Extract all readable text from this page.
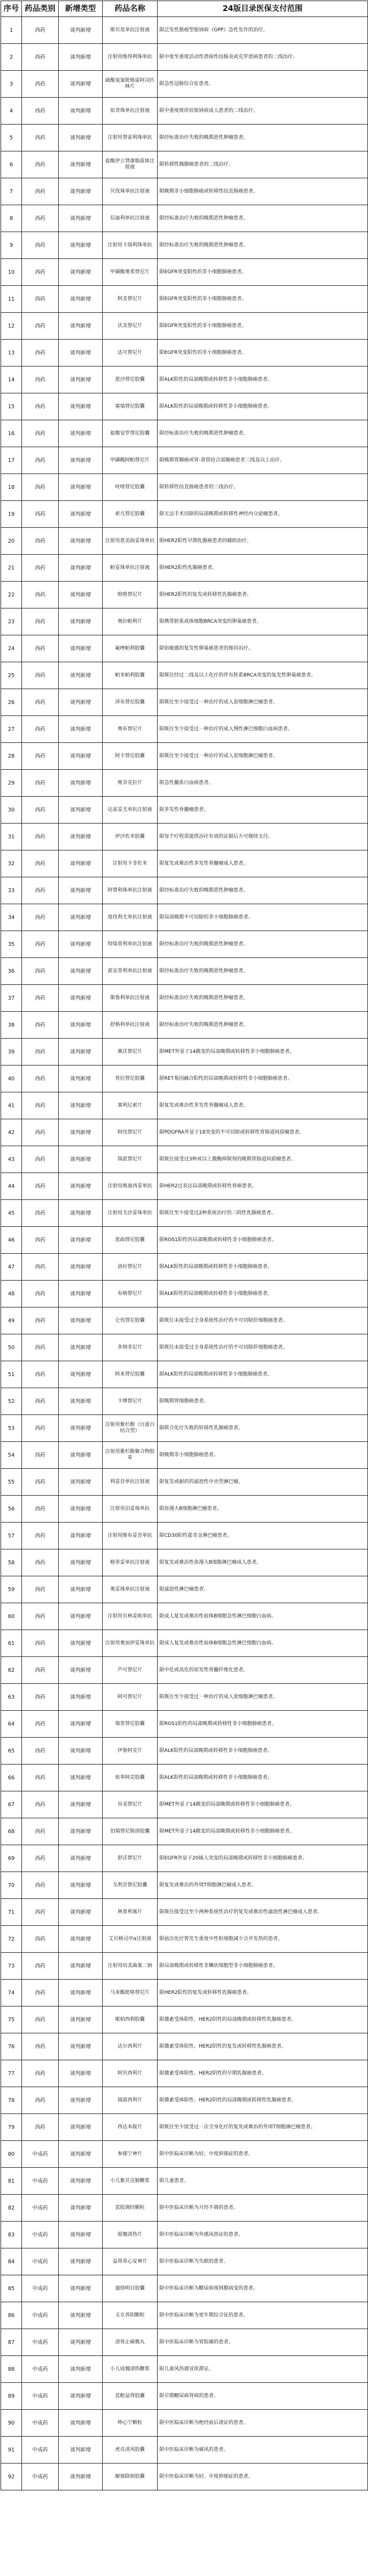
序号	药品类别	新增类型	药品名称	24版目录医保支付范围
1	西药	谈判新增	斯贝莫单抗注射液	限泛发性脓疱型银屑病（GPP）急性发作的治疗。
2	西药	谈判新增	注射用维得利珠单抗	限中度至重度活动性溃疡性结肠炎或克罗恩病患者的二线治疗。
3	西药	谈判新增	硫酸氢氯吡格雷阿司匹林片	限急性冠脉综合征患者。
4	西药	谈判新增	依奇珠单抗注射液	限中重度斑块状银屑病成人患者的二线治疗。
5	西药	谈判新增	注射用替雷利珠单抗	限经标准治疗失败的晚期恶性肿瘤患者。
6	西药	谈判新增	盐酸伊立替康脂质体注射液	限转移性胰腺癌患者的二线治疗。
7	西药	谈判新增	贝伐珠单抗注射液	限晚期非小细胞肺癌或转移性结直肠癌患者。
8	西药	谈判新增	信迪利单抗注射液	限经标准治疗失败的晚期恶性肿瘤患者。
9	西药	谈判新增	注射用卡瑞利珠单抗	限经标准治疗失败的晚期恶性肿瘤患者。
10	西药	谈判新增	甲磺酸奥希替尼片	限EGFR突变阳性的非小细胞肺癌患者。
11	西药	谈判新增	阿美替尼片	限EGFR突变阳性的非小细胞肺癌患者。
12	西药	谈判新增	伏美替尼片	限EGFR突变阳性的非小细胞肺癌患者。
13	西药	谈判新增	达可替尼片	限EGFR突变阳性的非小细胞肺癌患者。
14	西药	谈判新增	恩沙替尼胶囊	限ALK阳性的局部晚期或转移性非小细胞肺癌患者。
15	西药	谈判新增	塞瑞替尼胶囊	限ALK阳性的局部晚期或转移性非小细胞肺癌患者。
16	西药	谈判新增	盐酸安罗替尼胶囊	限经标准治疗失败的晚期恶性肿瘤患者。
17	西药	谈判新增	甲磺酸阿帕替尼片	限晚期胃腺癌或胃-食管结合部腺癌患者三线及以上治疗。
18	西药	谈判新增	呋喹替尼胶囊	限转移性结直肠癌患者的三线治疗。
19	西药	谈判新增	索凡替尼胶囊	限无法手术切除的局部晚期或转移性神经内分泌瘤患者。
20	西药	谈判新增	注射用恩美曲妥珠单抗	限HER2阳性早期乳腺癌患者的辅助治疗。
21	西药	谈判新增	帕妥珠单抗注射液	限HER2阳性乳腺癌患者。
22	西药	谈判新增	吡咯替尼片	限HER2阳性的复发或转移性乳腺癌患者。
23	西药	谈判新增	奥拉帕利片	限携带胚系或体细胞BRCA突变的卵巢癌患者。
24	西药	谈判新增	氟唑帕利胶囊	限铂敏感的复发性卵巢癌患者的维持治疗。
25	西药	谈判新增	帕米帕利胶囊	限既往经过二线及以上化疗的伴有胚系BRCA突变的复发性卵巢癌患者。
26	西药	谈判新增	泽布替尼胶囊	限既往至少接受过一种治疗的成人套细胞淋巴瘤患者。
27	西药	谈判新增	奥布替尼片	限既往至少接受过一种治疗的成人慢性淋巴细胞白血病患者。
28	西药	谈判新增	阿卡替尼胶囊	限既往至少接受过一种治疗的成人套细胞淋巴瘤患者。
29	西药	谈判新增	维奈克拉片	限急性髓系白血病患者。
30	西药	谈判新增	达雷妥尤单抗注射液	限多发性骨髓瘤患者。
31	西药	谈判新增	伊沙佐米胶囊	限每个疗程需提供治疗有效的证据后方可继续支付。
32	西药	谈判新增	注射用卡非佐米	限复发或难治性多发性骨髓瘤成人患者。
33	西药	谈判新增	阿替利珠单抗注射液	限经标准治疗失败的晚期恶性肿瘤患者。
34	西药	谈判新增	度伐利尤单抗注射液	限局部晚期不可切除的非小细胞肺癌患者。
35	西药	谈判新增	特瑞普利单抗注射液	限经标准治疗失败的晚期恶性肿瘤患者。
36	西药	谈判新增	派安普利单抗注射液	限经标准治疗失败的晚期恶性肿瘤患者。
37	西药	谈判新增	斯鲁利单抗注射液	限经标准治疗失败的晚期恶性肿瘤患者。
38	西药	谈判新增	舒格利单抗注射液	限经标准治疗失败的晚期恶性肿瘤患者。
39	西药	谈判新增	赛沃替尼片	限MET外显子14跳变的局部晚期或转移性非小细胞肺癌患者。
40	西药	谈判新增	普拉替尼胶囊	限RET基因融合阳性的局部晚期或转移性非小细胞肺癌患者。
41	西药	谈判新增	塞利尼索片	限复发或难治性多发性骨髓瘤成人患者。
42	西药	谈判新增	阿伐替尼片	限PDGFRA外显子18突变的不可切除或转移性胃肠道间质瘤患者。
43	西药	谈判新增	瑞派替尼片	限既往接受过3种或以上激酶抑制剂的晚期胃肠道间质瘤患者。
44	西药	谈判新增	注射用维迪西妥单抗	限HER2过表达局部晚期或转移性胃癌患者。
45	西药	谈判新增	注射用戈沙妥珠单抗	限既往至少接受过2种系统治疗的三阴性乳腺癌患者。
46	西药	谈判新增	恩曲替尼胶囊	限ROS1阳性的局部晚期或转移性非小细胞肺癌患者。
47	西药	谈判新增	洛拉替尼片	限ALK阳性的局部晚期或转移性非小细胞肺癌患者。
48	西药	谈判新增	布格替尼片	限ALK阳性的局部晚期或转移性非小细胞肺癌患者。
49	西药	谈判新增	仑伐替尼胶囊	限既往未接受过全身系统性治疗的不可切除肝细胞癌患者。
50	西药	谈判新增	多纳非尼片	限既往未接受过全身系统性治疗的不可切除肝细胞癌患者。
51	西药	谈判新增	阿来替尼胶囊	限ALK阳性的局部晚期或转移性非小细胞肺癌患者。
52	西药	谈判新增	卡博替尼片	限晚期肾细胞癌患者。
53	西药	谈判新增	注射用紫杉醇（白蛋白结合型）	限联合化疗失败的转移性乳腺癌患者。
54	西药	谈判新增	注射用紫杉醇聚合物胶束	限晚期非小细胞肺癌患者。
55	西药	谈判新增	利妥昔单抗注射液	限复发或耐药的滤泡性中央型淋巴瘤。
56	西药	谈判新增	注射用泊妥珠单抗	限弥漫大B细胞淋巴瘤患者。
57	西药	谈判新增	注射用维布妥昔单抗	限CD30阳性霍奇金淋巴瘤患者。
58	西药	谈判新增	格菲妥单抗注射液	限复发或难治性弥漫大B细胞淋巴瘤成人患者。
59	西药	谈判新增	奥妥珠单抗注射液	限滤泡性淋巴瘤患者。
60	西药	谈判新增	注射用贝林妥欧单抗	限成人复发或难治性前体B细胞急性淋巴细胞白血病。
61	西药	谈判新增	注射用奥加伊妥珠单抗	限成人复发或难治性前体B细胞急性淋巴细胞白血病。
62	西药	谈判新增	芦可替尼片	限中危或高危的原发性骨髓纤维化患者。
63	西药	谈判新增	阿可替尼片	限既往至少接受过一种治疗的成人套细胞淋巴瘤患者。
64	西药	谈判新增	瑞普替尼胶囊	限ROS1阳性的局部晚期或转移性非小细胞肺癌患者。
65	西药	谈判新增	伊鲁阿克片	限ALK阳性的局部晚期或转移性非小细胞肺癌患者。
66	西药	谈判新增	依奉阿克胶囊	限ALK阳性的局部晚期或转移性非小细胞肺癌患者。
67	西药	谈判新增	谷美替尼片	限MET外显子14跳变的局部晚期或转移性非小细胞肺癌患者。
68	西药	谈判新增	伯瑞替尼肠溶胶囊	限MET外显子14跳变的局部晚期或转移性非小细胞肺癌患者。
69	西药	谈判新增	舒沃替尼片	限EGFR外显子20插入突变的局部晚期或转移性非小细胞肺癌患者。
70	西药	谈判新增	戈利昔替尼胶囊	限复发或难治的外周T细胞淋巴瘤成人患者。
71	西药	谈判新增	林普利塞片	限既往接受过至少两种系统性治疗的复发或难治性滤泡性淋巴瘤成人患者。
72	西药	谈判新增	艾贝格司亭α注射液	限前次化疗曾发生重度中性粒细胞减少合并发热的患者。
73	西药	谈判新增	注射用培美曲塞二钠	限局部晚期或转移性非鳞状细胞型非小细胞肺癌患者。
74	西药	谈判新增	马来酸吡咯替尼片	限HER2阳性的复发或转移性乳腺癌患者。
75	西药	谈判新增	哌柏西利胶囊	限激素受体阳性、HER2阴性的局部晚期或转移性乳腺癌患者。
76	西药	谈判新增	达尔西利片	限激素受体阳性、HER2阴性的复发或转移性乳腺癌患者。
77	西药	谈判新增	阿贝西利片	限激素受体阳性、HER2阴性的早期乳腺癌患者。
78	西药	谈判新增	瑞波西利片	限激素受体阳性、HER2阴性的局部晚期或转移性乳腺癌患者。
79	西药	谈判新增	西达本胺片	限既往至少接受过一次全身化疗的复发或难治的外周T细胞淋巴瘤患者。
80	中成药	谈判新增	参郁宁神片	限中医临床诊断为轻、中度抑郁症的患者。
81	中成药	谈判新增	小儿紫贝宣肺糖浆	限儿童患者。
82	中成药	谈判新增	芪胶调经颗粒	限中医临床诊断为月经不调的患者。
83	中成药	谈判新增	银翘清热片	限中医临床诊断为外感风热证的患者。
84	中成药	谈判新增	益肾养心安神片	限中医临床诊断为失眠的患者。
85	中成药	谈判新增	通络明目胶囊	限中医临床诊断为糖尿病视网膜病变的患者。
86	中成药	谈判新增	玉女养阴颗粒	限中医临床诊断为更年期综合征的患者。
87	中成药	谈判新增	清胃止痛微丸	限中医临床诊断为胃脘痛的患者。
88	中成药	谈判新增	小儿豉翘清热糖浆	限儿童风热感冒挟滞证。
89	中成药	谈判新增	芪蛭益肾胶囊	限早期糖尿病肾病的患者。
90	中成药	谈判新增	坤心宁颗粒	限中医临床诊断为绝经前后诸证的患者。
91	中成药	谈判新增	虎贞清风胶囊	限中医临床诊断为痛风的患者。
92	中成药	谈判新增	解郁除烦胶囊	限中医临床诊断为轻、中度抑郁症的患者。
